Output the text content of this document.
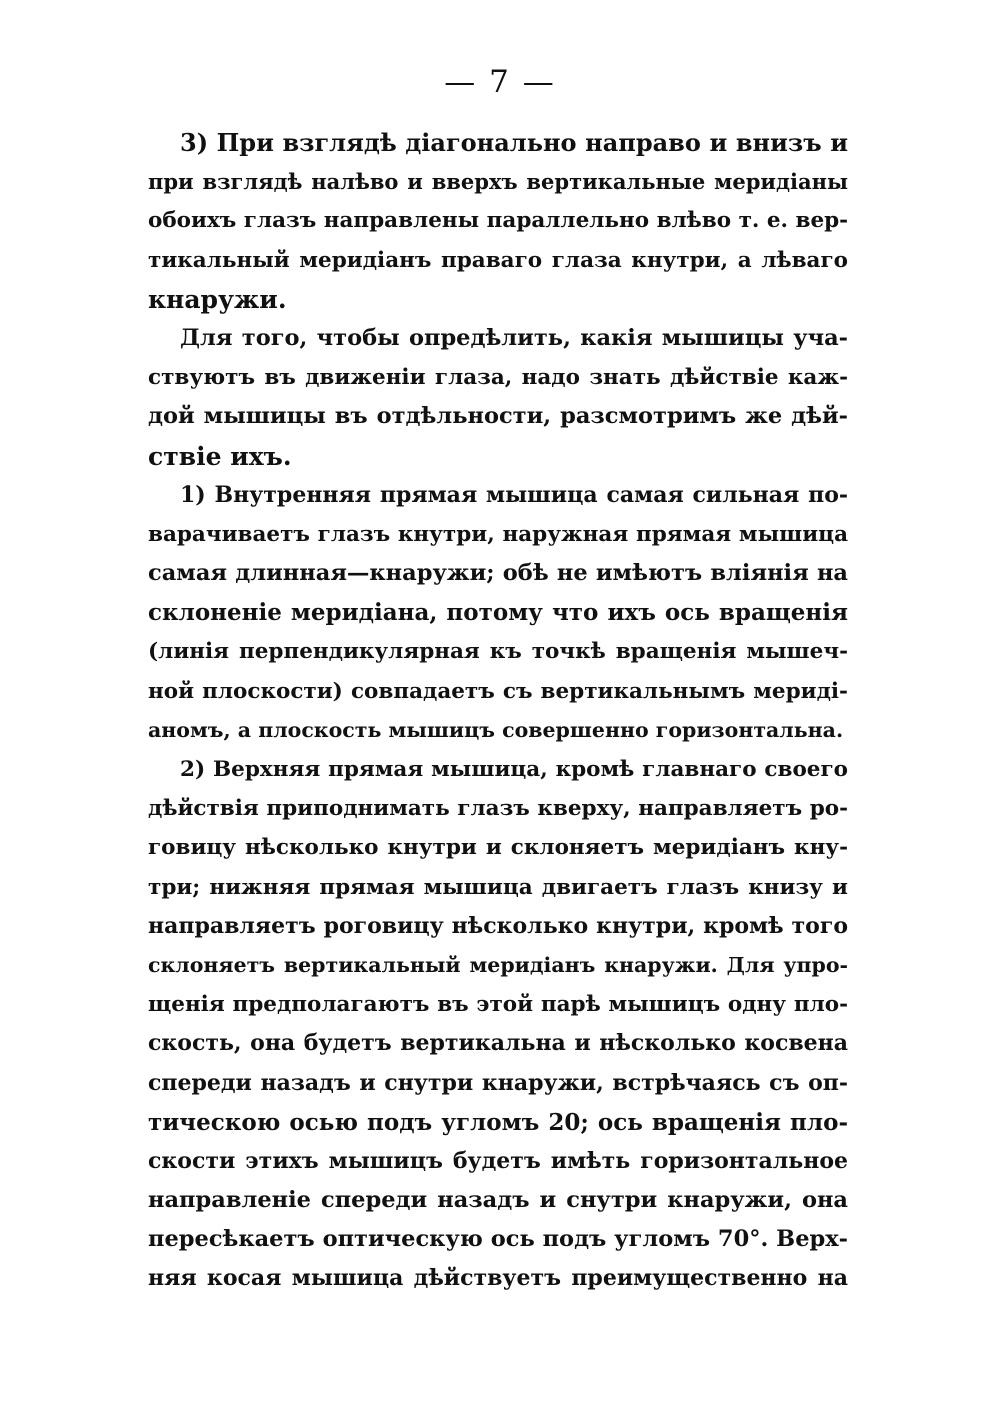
— 7 —
3) При взглядѣ діагонально направо и внизъ и
при взглядѣ налѣво и вверхъ вертикальные меридіаны
обоихъ глазъ направлены параллельно влѣво т. е. вер-
тикальный меридіанъ праваго глаза кнутри, а лѣваго
кнаружи.
Для того, чтобы опредѣлить, какія мышицы уча-
ствуютъ въ движеніи глаза, надо знать дѣйствіе каж-
дой мышицы въ отдѣльности, разсмотримъ же дѣй-
ствіе ихъ.
1) Внутренняя прямая мышица самая сильная по-
варачиваетъ глазъ кнутри, наружная прямая мышица
самая длинная—кнаружи; обѣ не имѣютъ вліянія на
склоненіе меридіана, потому что ихъ ось вращенія
(линія перпендикулярная къ точкѣ вращенія мышеч-
ной плоскости) совпадаетъ съ вертикальнымъ меридi-
аномъ, а плоскость мышицъ совершенно горизонтальна.
2) Верхняя прямая мышица, кромѣ главнаго своего
дѣйствія приподнимать глазъ кверху, направляетъ ро-
говицу нѣсколько кнутри и склоняетъ меридіанъ кну-
три; нижняя прямая мышица двигаетъ глазъ книзу и
направляетъ роговицу нѣсколько кнутри, кромѣ того
склоняетъ вертикальный меридіанъ кнаружи. Для упро-
щенія предполагаютъ въ этой парѣ мышицъ одну пло-
скость, она будетъ вертикальна и нѣсколько косвена
спереди назадъ и снутри кнаружи, встрѣчаясь съ оп-
тическою осью подъ угломъ 20; ось вращенія пло-
скости этихъ мышицъ будетъ имѣть горизонтальное
направленіе спереди назадъ и снутри кнаружи, она
пересѣкаетъ оптическую ось подъ угломъ 70°. Верх-
няя косая мышица дѣйствуетъ преимущественно на
